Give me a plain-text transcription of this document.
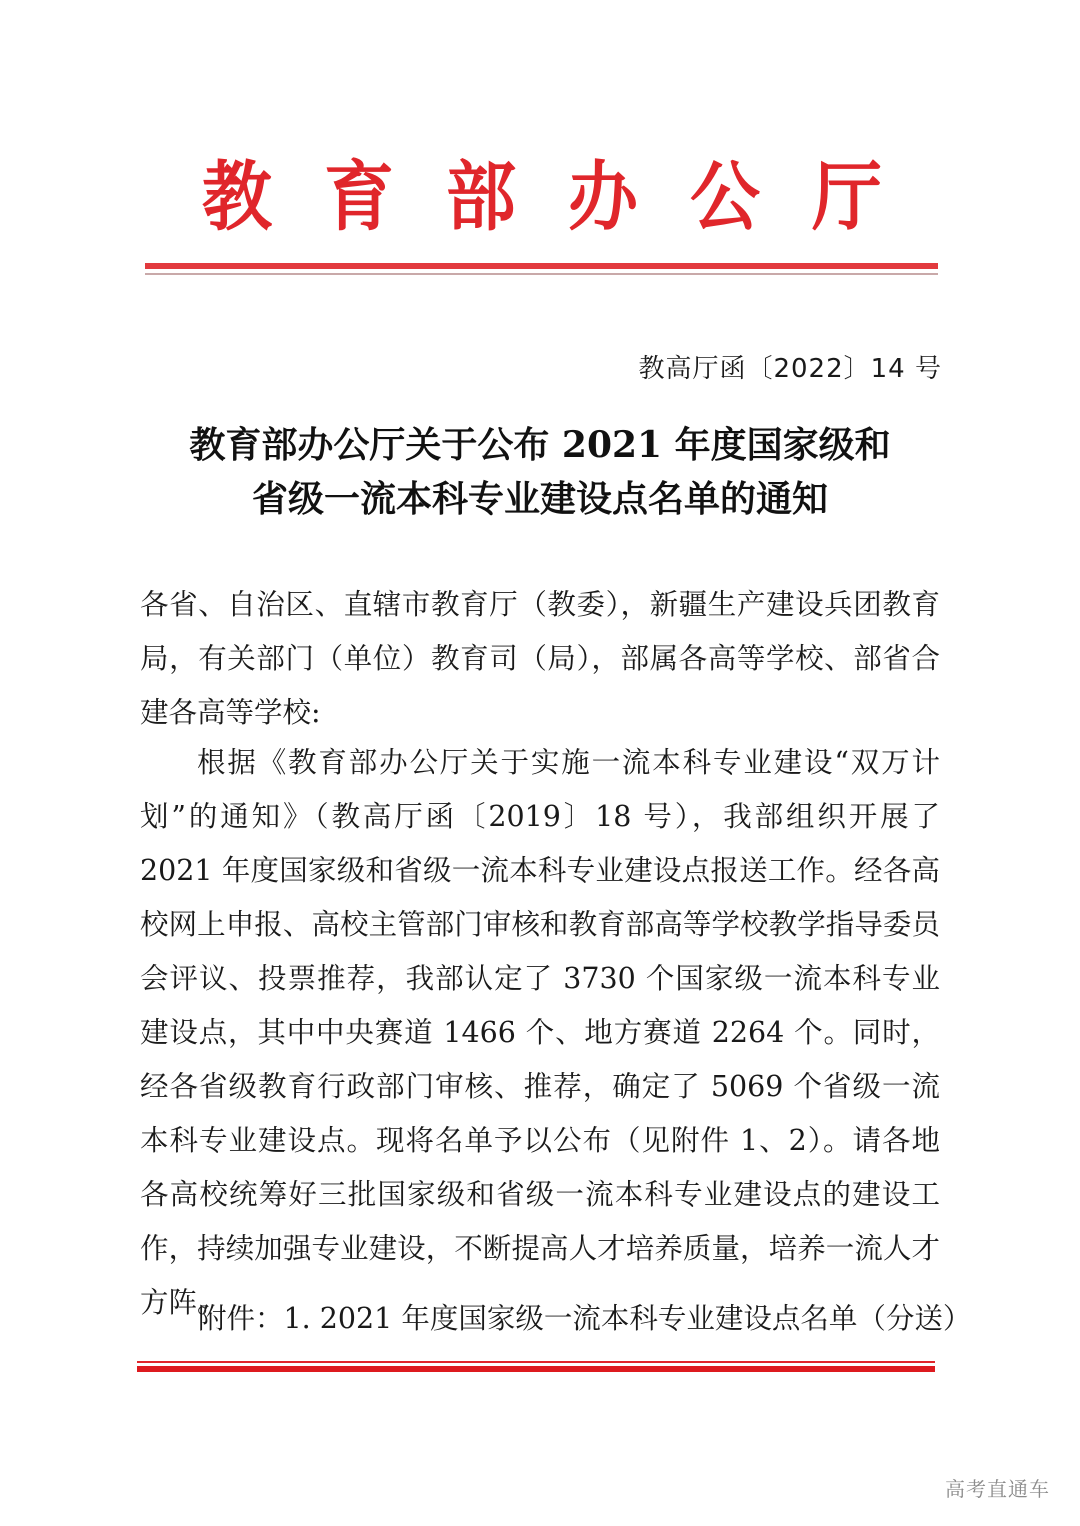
教 育 部 办 公 厅
教高厅函〔2022〕14 号
教育部办公厅关于公布 2021 年度国家级和
省级一流本科专业建设点名单的通知
各省、自治区、直辖市教育厅（教委），新疆生产建设兵团教育局，有关部门（单位）教育司（局），部属各高等学校、部省合建各高等学校:
根据《教育部办公厅关于实施一流本科专业建设“双万计划”的通知》（教高厅函〔2019〕18 号），我部组织开展了 2021 年度国家级和省级一流本科专业建设点报送工作。经各高校网上申报、高校主管部门审核和教育部高等学校教学指导委员会评议、投票推荐，我部认定了 3730 个国家级一流本科专业建设点，其中中央赛道 1466 个、地方赛道 2264 个。同时，经各省级教育行政部门审核、推荐，确定了 5069 个省级一流本科专业建设点。现将名单予以公布（见附件 1、2）。请各地各高校统筹好三批国家级和省级一流本科专业建设点的建设工作，持续加强专业建设，不断提高人才培养质量，培养一流人才方阵。
附件：1. 2021 年度国家级一流本科专业建设点名单（分送）
高考直通车
